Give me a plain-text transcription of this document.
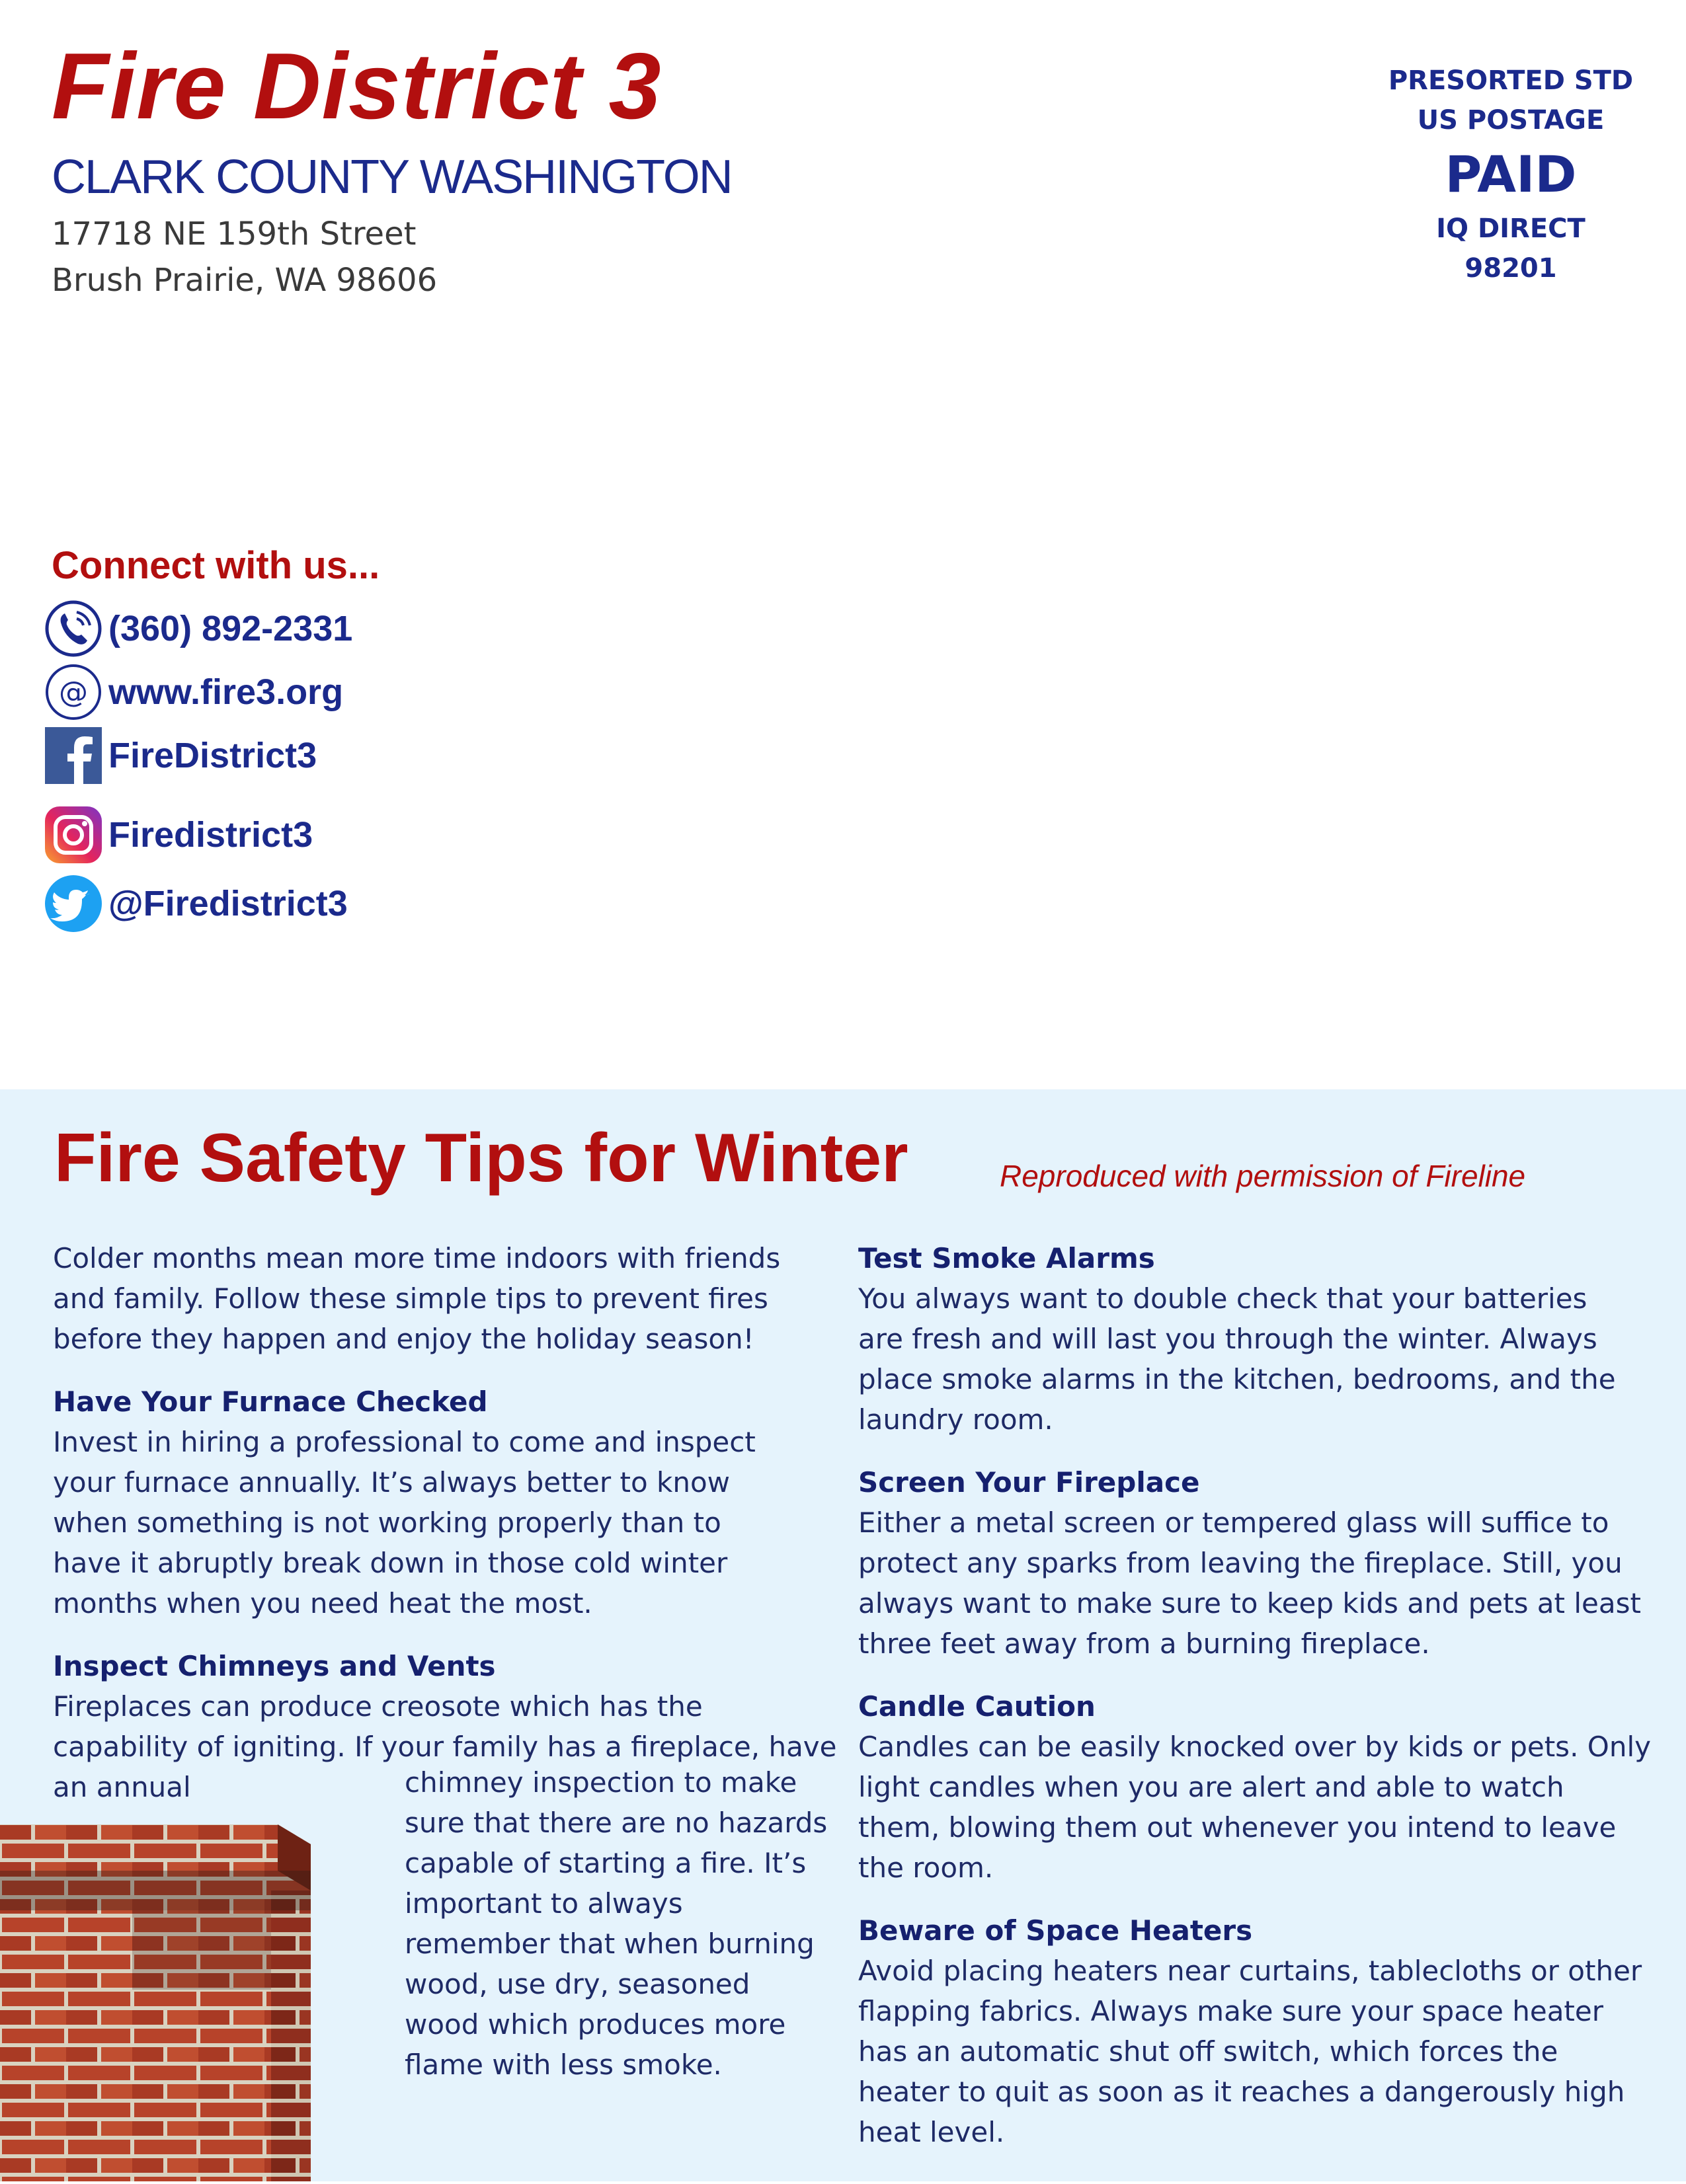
Fire District 3
CLARK COUNTY WASHINGTON
17718 NE 159th Street
Brush Prairie, WA 98606
PRESORTED STD
US POSTAGE
PAID
IQ DIRECT
98201
Connect with us...
(360) 892-2331
@ www.fire3.org
FireDistrict3
Firedistrict3
@Firedistrict3
Fire Safety Tips for Winter	Reproduced with permission of Fireline

Colder months mean more time indoors with friends and family. Follow these simple tips to prevent fires before they happen and enjoy the holiday season!

Have Your Furnace Checked

Invest in hiring a professional to come and inspect your furnace annually. It’s always better to know when something is not working properly than to have it abruptly break down in those cold winter months when you need heat the most.

Inspect Chimneys and Vents

Fireplaces can produce creosote which has the capability of igniting. If your family has a fireplace, have an annual	chimney inspection to make sure that there are no hazards capable of starting a fire. It’s important to always remember that when burning wood, use dry, seasoned wood which produces more flame with less smoke.

Test Smoke Alarms

You always want to double check that your batteries are fresh and will last you through the winter. Always place smoke alarms in the kitchen, bedrooms, and the laundry room.

Screen Your Fireplace

Either a metal screen or tempered glass will suffice to protect any sparks from leaving the fireplace. Still, you always want to make sure to keep kids and pets at least three feet away from a burning fireplace.

Candle Caution

Candles can be easily knocked over by kids or pets. Only light candles when you are alert and able to watch them, blowing them out whenever you intend to leave the room.

Beware of Space Heaters

Avoid placing heaters near curtains, tablecloths or other flapping fabrics. Always make sure your space heater has an automatic shut off switch, which forces the heater to quit as soon as it reaches a dangerously high heat level.
